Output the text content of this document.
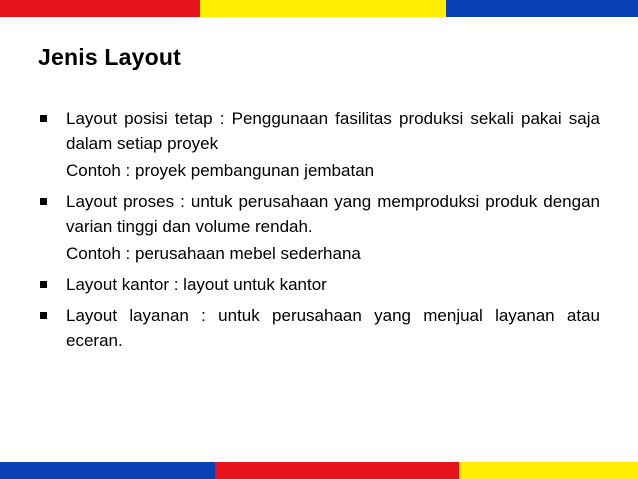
Jenis Layout
Layout posisi tetap : Penggunaan fasilitas produksi sekali pakai saja dalam setiap proyek
Contoh : proyek pembangunan jembatan
Layout proses : untuk perusahaan yang memproduksi produk dengan varian tinggi dan volume rendah.
Contoh : perusahaan mebel sederhana
Layout kantor : layout untuk kantor
Layout layanan : untuk perusahaan yang menjual layanan atau eceran.
